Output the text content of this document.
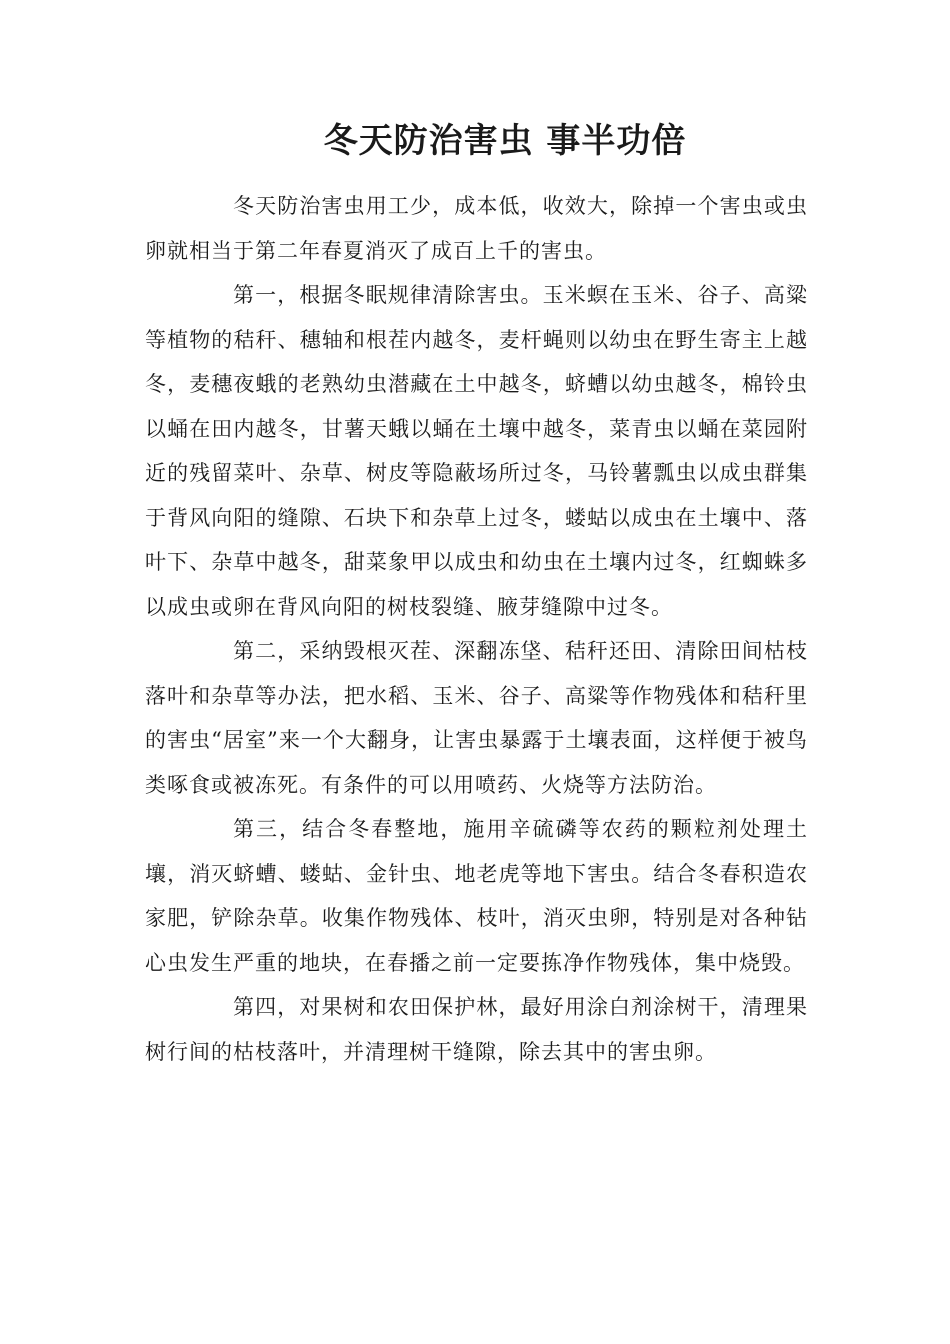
冬天防治害虫 事半功倍

冬天防治害虫用工少，成本低，收效大，除掉一个害虫或虫卵就相当于第二年春夏消灭了成百上千的害虫。

第一，根据冬眠规律清除害虫。玉米螟在玉米、谷子、高粱等植物的秸秆、穗轴和根茬内越冬，麦杆蝇则以幼虫在野生寄主上越冬，麦穗夜蛾的老熟幼虫潜藏在土中越冬，蛴螬以幼虫越冬，棉铃虫以蛹在田内越冬，甘薯天蛾以蛹在土壤中越冬，菜青虫以蛹在菜园附近的残留菜叶、杂草、树皮等隐蔽场所过冬，马铃薯瓢虫以成虫群集于背风向阳的缝隙、石块下和杂草上过冬，蝼蛄以成虫在土壤中、落叶下、杂草中越冬，甜菜象甲以成虫和幼虫在土壤内过冬，红蜘蛛多以成虫或卵在背风向阳的树枝裂缝、腋芽缝隙中过冬。

第二，采纳毁根灭茬、深翻冻垡、秸秆还田、清除田间枯枝落叶和杂草等办法，把水稻、玉米、谷子、高粱等作物残体和秸秆里的害虫“居室”来一个大翻身，让害虫暴露于土壤表面，这样便于被鸟类啄食或被冻死。有条件的可以用喷药、火烧等方法防治。

第三，结合冬春整地，施用辛硫磷等农药的颗粒剂处理土壤，消灭蛴螬、蝼蛄、金针虫、地老虎等地下害虫。结合冬春积造农家肥，铲除杂草。收集作物残体、枝叶，消灭虫卵，特别是对各种钻心虫发生严重的地块，在春播之前一定要拣净作物残体，集中烧毁。

第四，对果树和农田保护林，最好用涂白剂涂树干，清理果树行间的枯枝落叶，并清理树干缝隙，除去其中的害虫卵。
